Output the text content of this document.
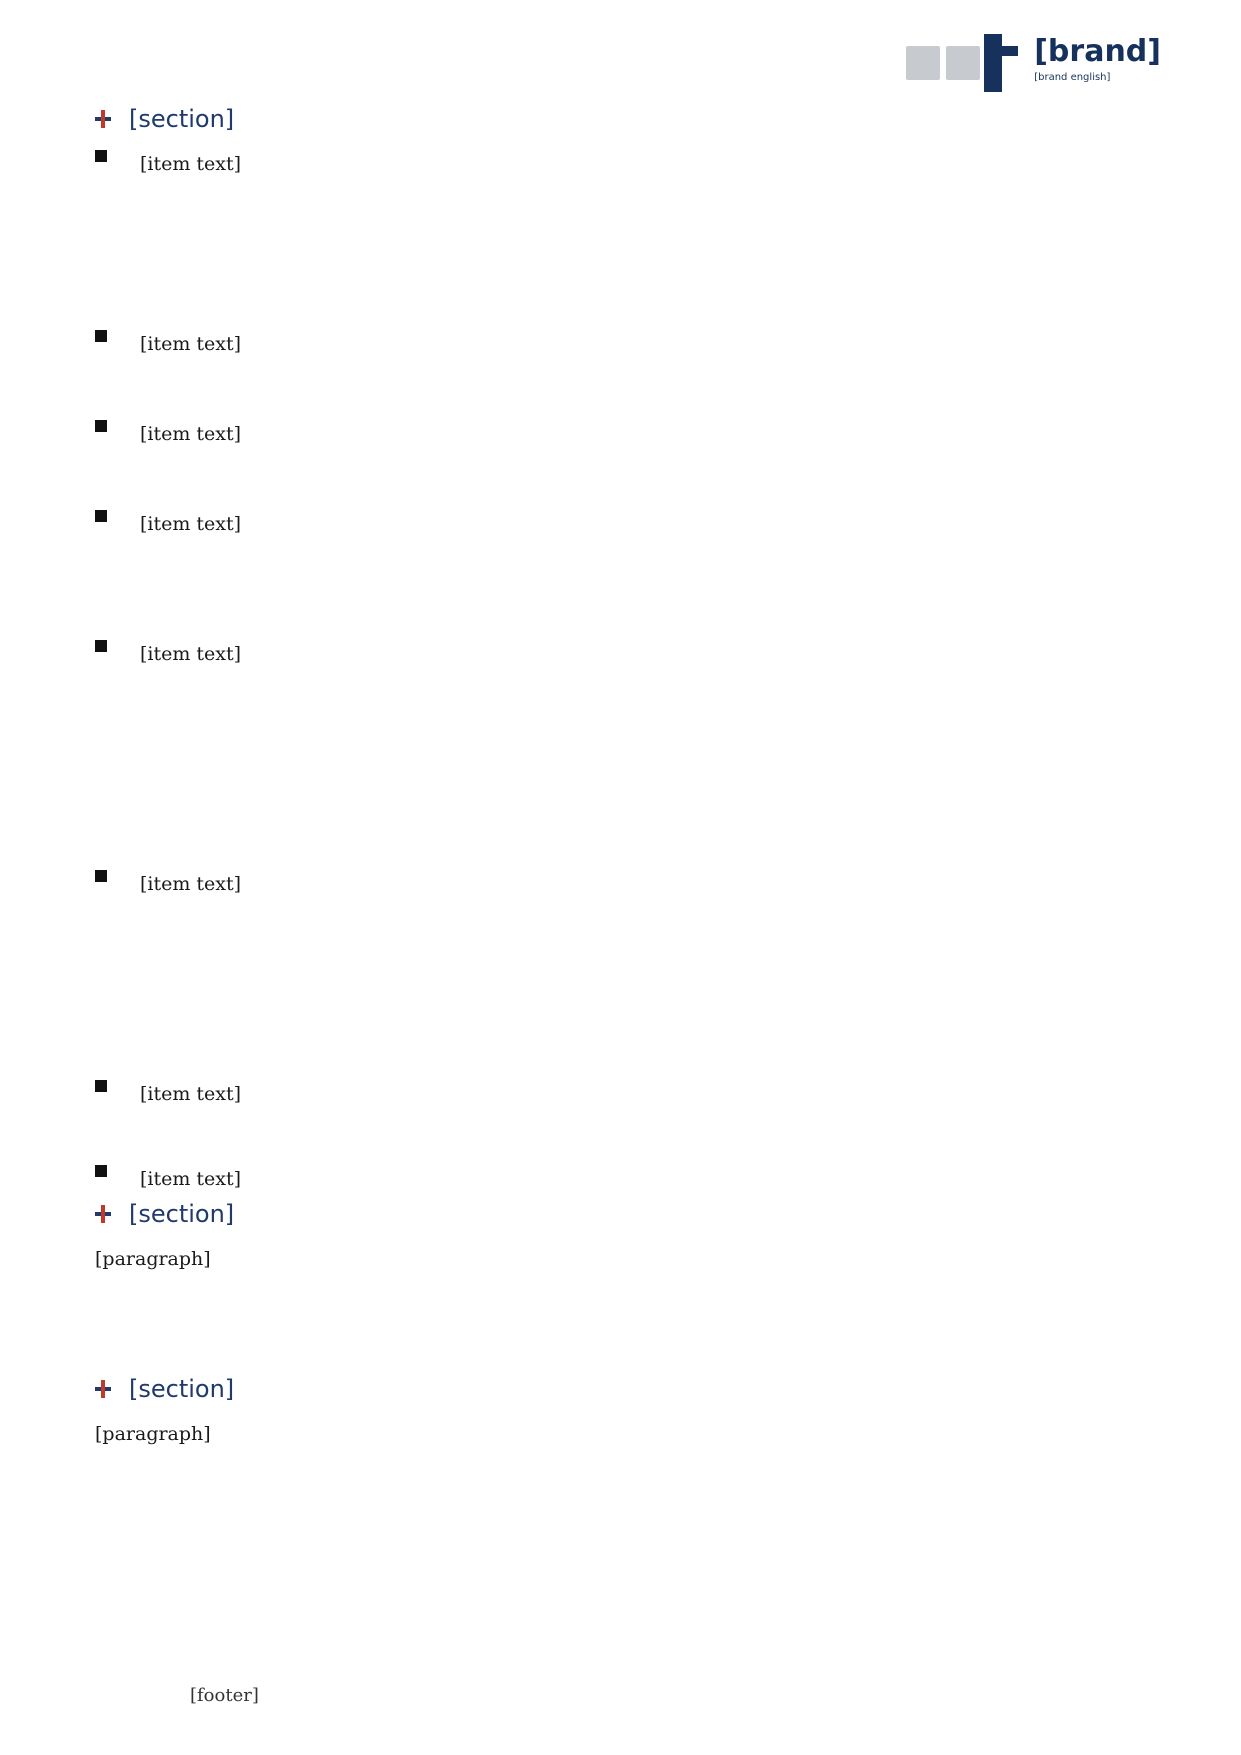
[brand]
[brand english]
[section]
[item text]
[item text]
[item text]
[item text]
[item text]
[item text]
[item text]
[item text]
[section]
[paragraph]
[section]
[paragraph]
[footer]
